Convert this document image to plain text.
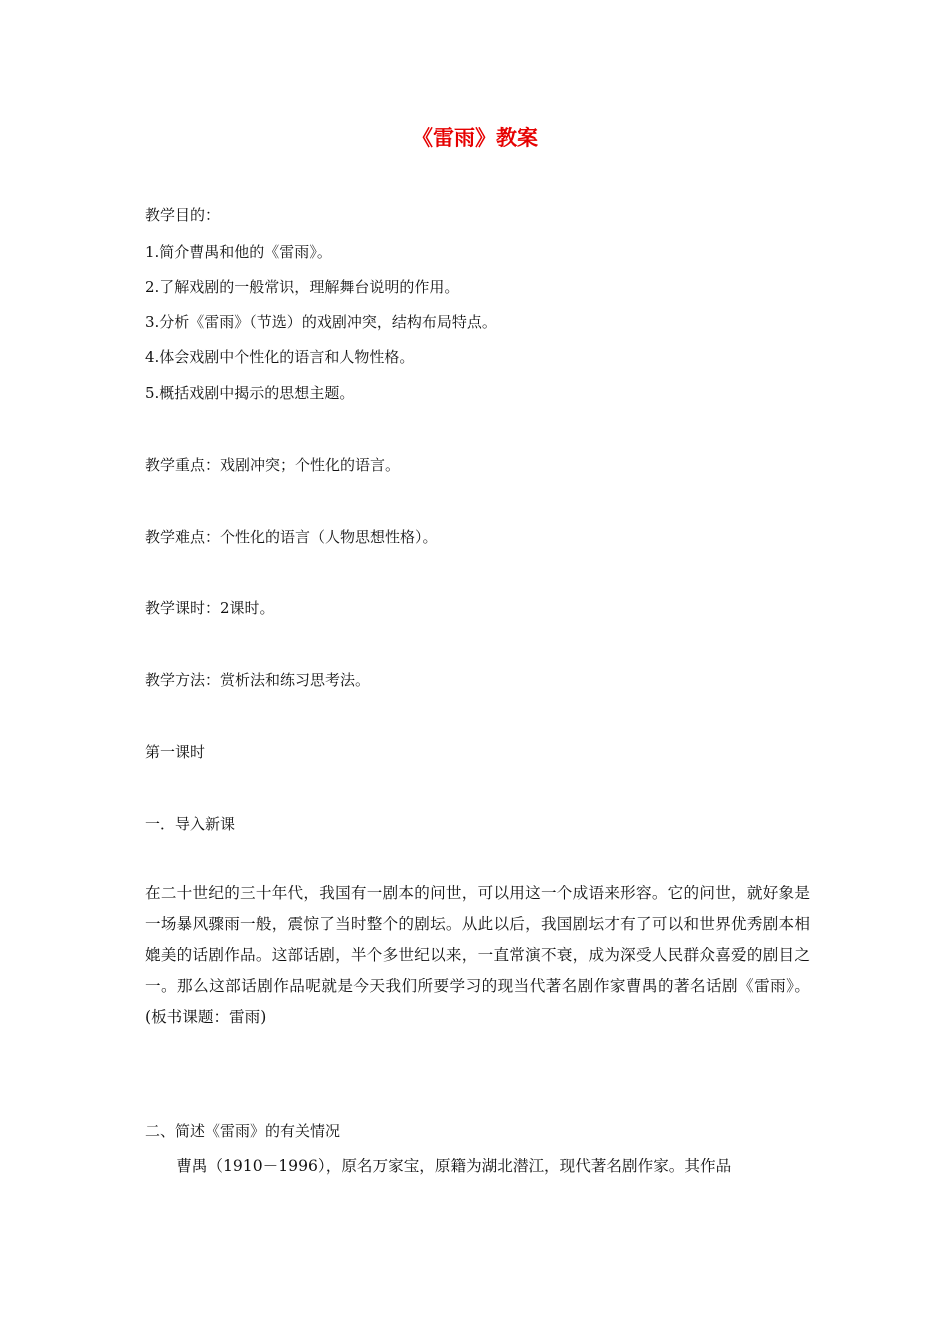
《雷雨》教案
教学目的：
1.简介曹禺和他的《雷雨》。
2.了解戏剧的一般常识，理解舞台说明的作用。
3.分析《雷雨》（节选）的戏剧冲突，结构布局特点。
4.体会戏剧中个性化的语言和人物性格。
5.概括戏剧中揭示的思想主题。
教学重点：戏剧冲突；个性化的语言。
教学难点：个性化的语言（人物思想性格）。
教学课时：2课时。
教学方法：赏析法和练习思考法。
第一课时
一．导入新课
在二十世纪的三十年代，我国有一剧本的问世，可以用这一个成语来形容。它的问世，就好象是一场暴风骤雨一般，震惊了当时整个的剧坛。从此以后，我国剧坛才有了可以和世界优秀剧本相媲美的话剧作品。这部话剧，半个多世纪以来，一直常演不衰，成为深受人民群众喜爱的剧目之一。那么这部话剧作品呢就是今天我们所要学习的现当代著名剧作家曹禺的著名话剧《雷雨》。(板书课题：雷雨)
二、简述《雷雨》的有关情况
曹禺（1910－1996），原名万家宝，原籍为湖北潜江，现代著名剧作家。其作品
